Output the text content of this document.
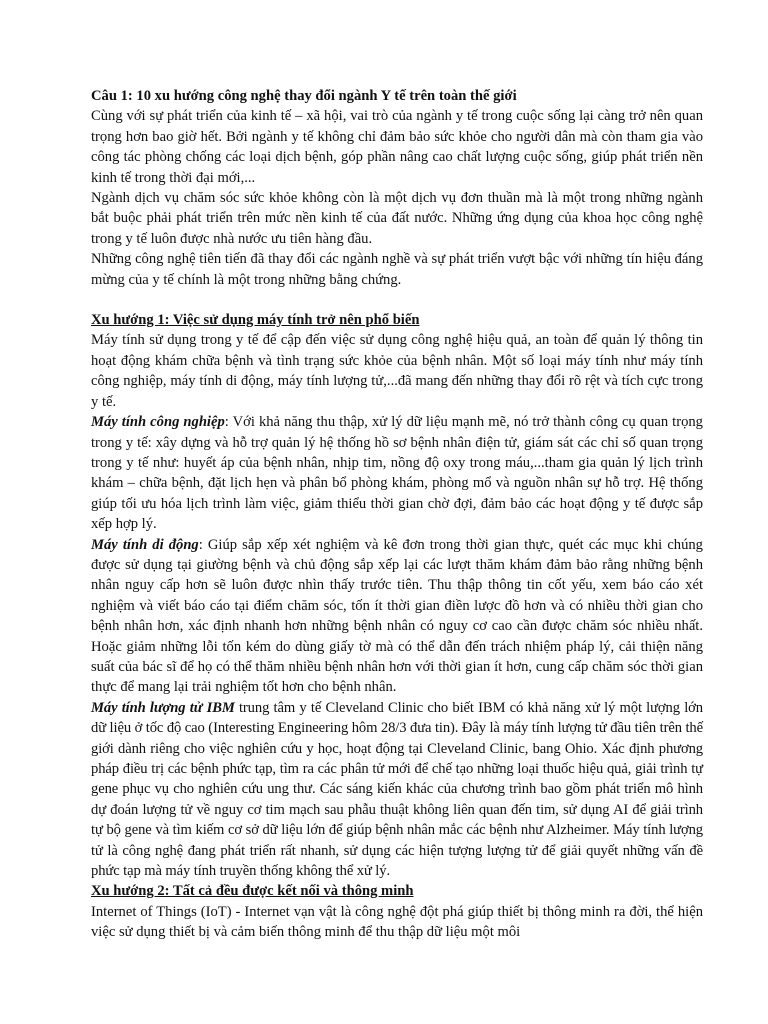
Câu 1: 10 xu hướng công nghệ thay đổi ngành Y tế trên toàn thế giới

Cùng với sự phát triển của kinh tế – xã hội, vai trò của ngành y tế trong cuộc sống lại càng trở nên quan trọng hơn bao giờ hết. Bởi ngành y tế không chỉ đảm bảo sức khỏe cho người dân mà còn tham gia vào công tác phòng chống các loại dịch bệnh, góp phần nâng cao chất lượng cuộc sống, giúp phát triển nền kinh tế trong thời đại mới,...

Ngành dịch vụ chăm sóc sức khỏe không còn là một dịch vụ đơn thuần mà là một trong những ngành bắt buộc phải phát triển trên mức nền kinh tế của đất nước. Những ứng dụng của khoa học công nghệ trong y tế luôn được nhà nước ưu tiên hàng đầu.

Những công nghệ tiên tiến đã thay đổi các ngành nghề và sự phát triển vượt bậc với những tín hiệu đáng mừng của y tế chính là một trong những bằng chứng.

Xu hướng 1: Việc sử dụng máy tính trở nên phổ biến

Máy tính sử dụng trong y tế để cập đến việc sử dụng công nghệ hiệu quả, an toàn để quản lý thông tin hoạt động khám chữa bệnh và tình trạng sức khỏe của bệnh nhân. Một số loại máy tính như máy tính công nghiệp, máy tính di động, máy tính lượng tử,...đã mang đến những thay đổi rõ rệt và tích cực trong y tế.

Máy tính công nghiệp: Với khả năng thu thập, xử lý dữ liệu mạnh mẽ, nó trở thành công cụ quan trọng trong y tế: xây dựng và hỗ trợ quản lý hệ thống hồ sơ bệnh nhân điện tử, giám sát các chỉ số quan trọng trong y tế như: huyết áp của bệnh nhân, nhịp tim, nồng độ oxy trong máu,...tham gia quản lý lịch trình khám – chữa bệnh, đặt lịch hẹn và phân bổ phòng khám, phòng mổ và nguồn nhân sự hỗ trợ. Hệ thống giúp tối ưu hóa lịch trình làm việc, giảm thiểu thời gian chờ đợi, đảm bảo các hoạt động y tế được sắp xếp hợp lý.

Máy tính di động: Giúp sắp xếp xét nghiệm và kê đơn trong thời gian thực, quét các mục khi chúng được sử dụng tại giường bệnh và chủ động sắp xếp lại các lượt thăm khám đảm bảo rằng những bệnh nhân nguy cấp hơn sẽ luôn được nhìn thấy trước tiên. Thu thập thông tin cốt yếu, xem báo cáo xét nghiệm và viết báo cáo tại điểm chăm sóc, tốn ít thời gian điền lược đồ hơn và có nhiều thời gian cho bệnh nhân hơn, xác định nhanh hơn những bệnh nhân có nguy cơ cao cần được chăm sóc nhiều nhất. Hoặc giảm những lỗi tốn kém do dùng giấy tờ mà có thể dẫn đến trách nhiệm pháp lý, cải thiện năng suất của bác sĩ để họ có thể thăm nhiều bệnh nhân hơn với thời gian ít hơn, cung cấp chăm sóc thời gian thực để mang lại trải nghiệm tốt hơn cho bệnh nhân.

Máy tính lượng tử IBM trung tâm y tế Cleveland Clinic cho biết IBM có khả năng xử lý một lượng lớn dữ liệu ở tốc độ cao (Interesting Engineering hôm 28/3 đưa tin). Đây là máy tính lượng tử đầu tiên trên thế giới dành riêng cho việc nghiên cứu y học, hoạt động tại Cleveland Clinic, bang Ohio. Xác định phương pháp điều trị các bệnh phức tạp, tìm ra các phân tử mới để chế tạo những loại thuốc hiệu quả, giải trình tự gene phục vụ cho nghiên cứu ung thư. Các sáng kiến khác của chương trình bao gồm phát triển mô hình dự đoán lượng tử về nguy cơ tim mạch sau phẫu thuật không liên quan đến tim, sử dụng AI để giải trình tự bộ gene và tìm kiếm cơ sở dữ liệu lớn để giúp bệnh nhân mắc các bệnh như Alzheimer. Máy tính lượng tử là công nghệ đang phát triển rất nhanh, sử dụng các hiện tượng lượng tử để giải quyết những vấn đề phức tạp mà máy tính truyền thống không thể xử lý.

Xu hướng 2: Tất cả đều được kết nối và thông minh

Internet of Things (IoT) - Internet vạn vật là công nghệ đột phá giúp thiết bị thông minh ra đời, thể hiện việc sử dụng thiết bị và cảm biến thông minh để thu thập dữ liệu một môi
